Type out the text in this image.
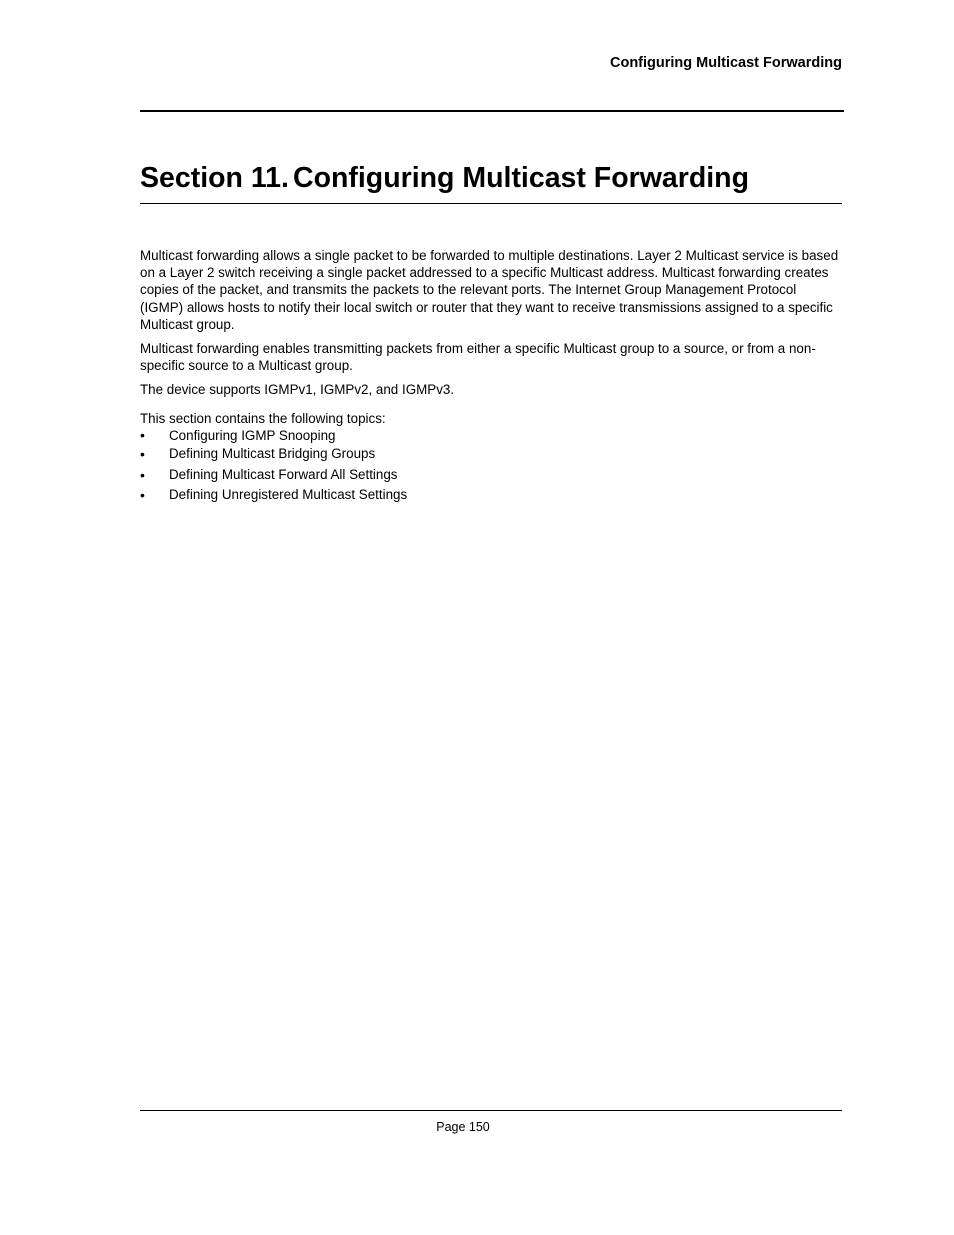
Configuring Multicast Forwarding
Section 11. Configuring Multicast Forwarding

Multicast forwarding allows a single packet to be forwarded to multiple destinations. Layer 2 Multicast service is based on a Layer 2 switch receiving a single packet addressed to a specific Multicast address. Multicast forwarding creates copies of the packet, and transmits the packets to the relevant ports. The Internet Group Management Protocol (IGMP) allows hosts to notify their local switch or router that they want to receive transmissions assigned to a specific Multicast group.

Multicast forwarding enables transmitting packets from either a specific Multicast group to a source, or from a non-specific source to a Multicast group.

The device supports IGMPv1, IGMPv2, and IGMPv3.

This section contains the following topics:

• Configuring IGMP Snooping
• Defining Multicast Bridging Groups
• Defining Multicast Forward All Settings
• Defining Unregistered Multicast Settings
Page 150
